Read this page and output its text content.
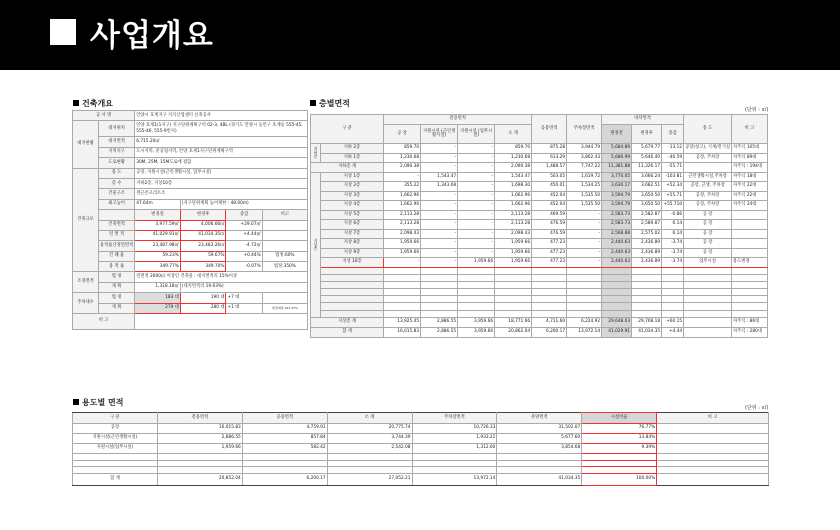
사업개요
건축개요
공 사 명		안양시 호계지구 지식산업센터 신축공사			
대지현황	대지위치	안양 호계1(1지구) 지구단위계획구역 02-3, 4BL (경기도 안양시 동안구 호계동 555-45, 555-46, 555-9번지)			
	대지면적	6,715.20㎡			
	지역지구	도시지역, 준공업지역, 안양 호계1지구단위계획구역			
	도로현황	30M, 25M, 15M도로에 접함			
건축규모	용 도	공장, 지원시설(근린생활시설, 업무시설)			
	층 수	지하2층, 지상10층			
	건물구조	철근콘크리트조			
	최고높이	47.64m	(지구단위계획 높이제한 : 48.00m)		
		변경전	변경후	증감	비고
	건축면적	3,977.59㎡	4,006.66㎡	+29.07㎡	
	연 면 적	41,029.91㎡	41,034.35㎡	+4.44㎡	
	용적률산정연면적	23,487.98㎡	23,483.26㎡	-4.72㎡	
	건 폐 율	59.23%	59.67%	+0.44%	법정:60%
	용 적 률	349.77%	349.70%	-0.07%	법정:350%
조경면적	법 정	연면적 2000㎡ 이상인 건축물 : 대지면적의 15%이상			
	계 획	1,318.18㎡	(대지면적의 19.63%)		
주차대수	법 정	183 대	190 대	+7 대	
	계 획	279 대	280 대	+1 대	법정대비 147.37%
비 고					
층별면적
(단위 : ㎡)
구 분		전용면적				공용면적	주차장면적	바닥면적			용 도	비 고
		공 장	지원시설 (근린생활시설)	지원시설 (업무시설)	소 계			변경전	변경후	증감		
지하층	지하 2층	859.70	-	-	859.70	875.28	3,944.79	5,684.89	5,679.77	-13.12	공장(창고), 기계/전기실	자주식 105대
	지하 1층	1,230.68	-	-	1,230.68	613.29	3,802.43	5,686.99	5,646.40	-40.59	공장, 주차장	자주식 89대
지하층 계		2,090.38	-	-	2,090.38	1,488.57	7,747.22	11,381.88	11,326.17	-55.71		자주식 : 194대
지상층	지상 1층	-	1,543.47	-	1,543.47	503.05	1,619.72	3,770.05	3,666.24	-103.81	근린생활시설,주차장	자주식 18대
	지상 2층	355.22	1,343.08	-	1,698.30	450.01	1,534.25	3,630.17	3,682.51	+52.34	공장, 근생, 주차장	자주식 22대
	지상 3층	1,662.96	-	-	1,662.96	452.04	1,535.50	3,594.79	3,650.50	+55.71	공장, 주차장	자주식 22대
	지상 4층	1,662.96	-	-	1,662.96	452.04	1,535.50	3,594.79	3,650.50	+55.710	공장, 주차장	자주식 24대
	지상 5층	2,113.28	-	-	2,113.28	469.59	-	2,583.73	2,582.87	-0.86	공 장	
	지상 6층	2,113.28	-	-	2,113.28	476.59	-	2,583.73	2,589.87	6.14	공 장	
	지상 7층	2,098.43	-	-	2,098.43	476.59	-	2,568.88	2,575.02	6.14	공 장	
	지상 8층	1,959.66	-	-	1,959.66	477.23	-	2,440.63	2,436.89	-3.74	공 장	
	지상 9층	1,959.66	-	-	1,959.66	477.23	-	2,440.63	2,436.89	-3.74	공 장	
	지상 10층	-	-	1,959.66	1,959.66	477.23	-	2,440.63	2,436.89	-3.74	업무시설	용도변경

지상층 계		13,925.45	2,886.55	3,959.66	18,771.66	4,711.60	6,224.92	29,648.03	29,708.18	+60.15		자주식 : 86대
합 계		16,015.83	2,886.55	3,959.66	20,862.04	6,200.17	13,972.14	41,029.91	41,034.35	+4.44		자주식 : 280대
용도별 면적
(단위 : ㎡)
구 분	전용면적	공용면적	소 계	주차장면적	분양면적	시설비율	비 고
공장	16,015.83	4,759.91	20,775.74	10,726.33	31,502.07	76.77%	
지원시설(근린생활시설)	2,886.55	857.84	3,744.39	1,933.21	5,677.60	13.84%	
지원시설(업무시설)	1,959.66	582.42	2,542.08	1,312.60	3,854.68	9.39%	

합 계	20,852.04	6,200.17	27,052.21	13,972.14	41,034.35	100.00%	
